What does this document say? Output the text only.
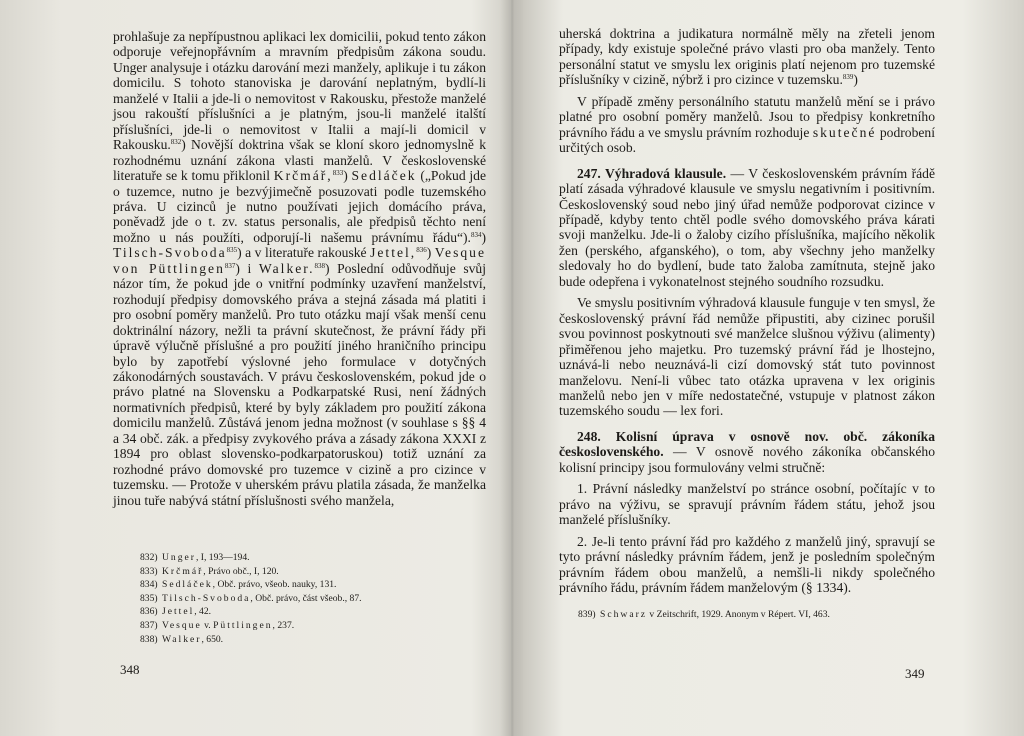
prohlašuje za nepřípustnou aplikaci lex domicilii, pokud tento zákon odporuje veřejnopřávním a mravním předpisům zákona soudu. Unger analysuje i otázku darování mezi manžely, aplikuje i tu zákon domicilu. S tohoto stanoviska je darování neplatným, bydlí-li manželé v Italii a jde-li o nemovitost v Rakousku, přestože manželé jsou rakouští příslušníci a je platným, jsou-li manželé italští příslušníci, jde-li o nemovitost v Italii a mají-li domicil v Rakousku.$^{832}$) Novější doktrina však se kloní skoro jednomyslně k rozhodnému uznání zákona vlasti manželů. V československé literatuře se k tomu přiklonil Krčmář,$^{833}$) Sedláček („Pokud jde o tuzemce, nutno je bezvýjimečně posuzovati podle tuzemského práva. U cizinců je nutno používati jejich domácího práva, poněvadž jde o t. zv. status personalis, ale předpisů těchto není možno u nás použíti, odporují-li našemu právnímu řádu“).$^{834}$) Tilsch-Svoboda$^{835}$) a v literatuře rakouské Jettel,$^{836}$) Vesque von Püttlingen$^{837}$) i Walker.$^{838}$) Poslední odůvodňuje svůj názor tím, že pokud jde o vnitřní podmínky uzavření manželství, rozhodují předpisy domovského práva a stejná zásada má platiti i pro osobní poměry manželů. Pro tuto otázku mají však menší cenu doktrinální názory, nežli ta právní skutečnost, že právní řády při úpravě výlučně příslušné a pro použití jiného hraničního principu bylo by zapotřebí výslovné jeho formulace v dotyčných zákonodárných soustavách. V právu československém, pokud jde o právo platné na Slovensku a Podkarpatské Rusi, není žádných normativních předpisů, které by byly základem pro použití zákona domicilu manželů. Zůstává jenom jedna možnost (v souhlase s §§ 4 a 34 obč. zák. a předpisy zvykového práva a zásady zákona XXXI z 1894 pro oblast slovensko-podkarpatoruskou) totiž uznání za rozhodné právo domovské pro tuzemce v cizině a pro cizince v tuzemsku. — Protože v uherském právu platila zásada, že manželka jinou tuře nabývá státní příslušnosti svého manžela,

832) Unger, I, 193—194.
833) Krčmář, Právo obč., I, 120.
834) Sedláček, Obč. právo, všeob. nauky, 131.
835) Tilsch-Svoboda, Obč. právo, část všeob., 87.
836) Jettel, 42.
837) Vesque v. Püttlingen, 237.
838) Walker, 650.
348

uherská doktrina a judikatura normálně měly na zřeteli jenom případy, kdy existuje společné právo vlasti pro oba manžely. Tento personální statut ve smyslu lex originis platí nejenom pro tuzemské příslušníky v cizině, nýbrž i pro cizince v tuzemsku.$^{839}$)

V případě změny personálního statutu manželů mění se i právo platné pro osobní poměry manželů. Jsou to předpisy konkretního právního řádu a ve smyslu právním rozhoduje skutečné podrobení určitých osob.

247. Výhradová klausule. — V československém právním řádě platí zásada výhradové klausule ve smyslu negativním i positivním. Československý soud nebo jiný úřad nemůže podporovat cizince v případě, kdyby tento chtěl podle svého domovského práva kárati svoji manželku. Jde-li o žaloby cizího příslušníka, majícího několik žen (perského, afganského), o tom, aby všechny jeho manželky sledovaly ho do bydlení, bude tato žaloba zamítnuta, stejně jako bude odepřena i vykonatelnost stejného soudního rozsudku.

Ve smyslu positivním výhradová klausule funguje v ten smysl, že československý právní řád nemůže připustiti, aby cizinec porušil svou povinnost poskytnouti své manželce slušnou výživu (alimenty) přiměřenou jeho majetku. Pro tuzemský právní řád je lhostejno, uznává-li nebo neuznává-li cizí domovský stát tuto povinnost manželovu. Není-li vůbec tato otázka upravena v lex originis manželů nebo jen v míře nedostatečné, vstupuje v platnost zákon tuzemského soudu — lex fori.

248. Kolisní úprava v osnově nov. obč. zákoníka československého. — V osnově nového zákoníka občanského kolisní principy jsou formulovány velmi stručně:

1. Právní následky manželství po stránce osobní, počítajíc v to právo na výživu, se spravují právním řádem státu, jehož jsou manželé příslušníky.

2. Je-li tento právní řád pro každého z manželů jiný, spravují se tyto právní následky právním řádem, jenž je posledním společným právním řádem obou manželů, a nemšli-li nikdy společného právního řádu, právním řádem manželovým (§ 1334).

839) Schwarz v Zeitschrift, 1929. Anonym v Répert. VI, 463.
349
